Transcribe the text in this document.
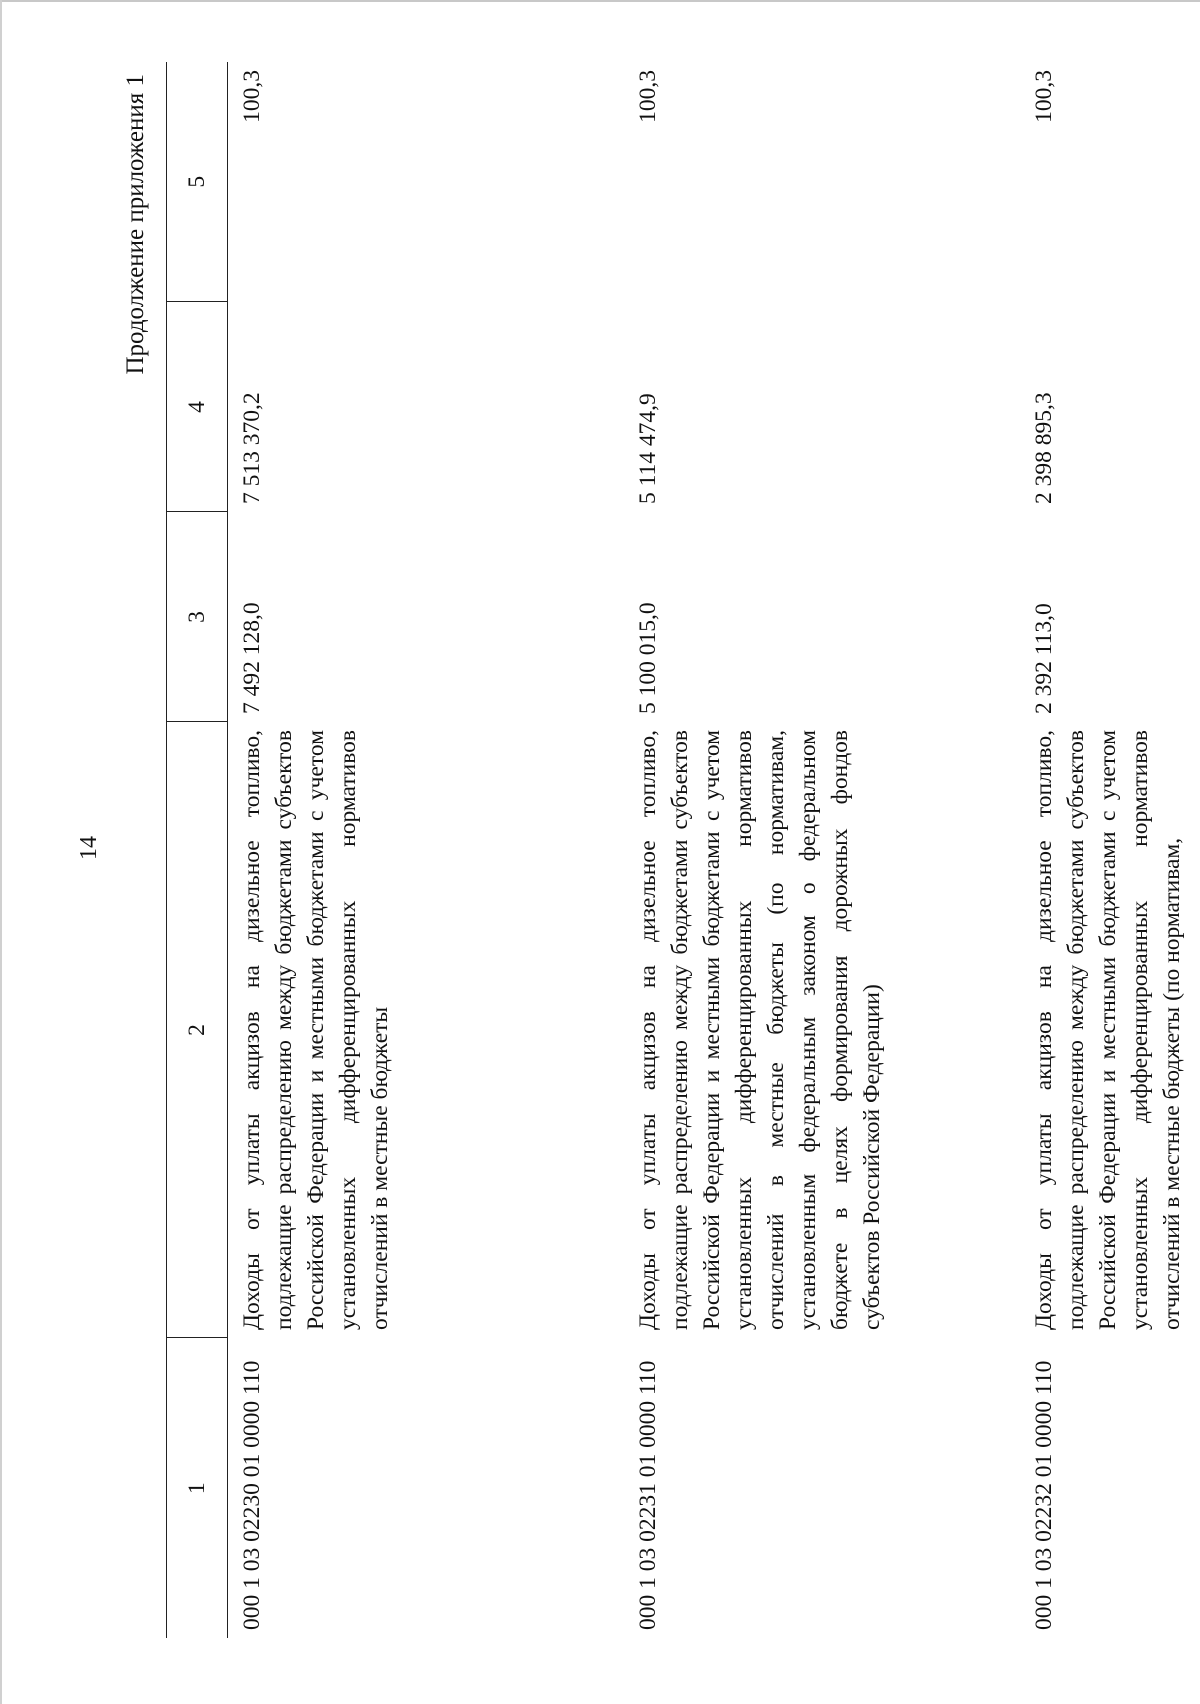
14
Продолжение приложения 1
1	2	3	4	5
000 1 03 02230 01 0000 110	Доходы от уплаты акцизов на дизельное топливо, подлежащие распределению между бюджетами субъектов Российской Федерации и местными бюджетами с учетом установленных дифференцированных нормативов отчислений в местные бюджеты	7 492 128,0	7 513 370,2	100,3
000 1 03 02231 01 0000 110	Доходы от уплаты акцизов на дизельное топливо, подлежащие распределению между бюджетами субъектов Российской Федерации и местными бюджетами с учетом установленных дифференцированных нормативов отчислений в местные бюджеты (по нормативам, установленным федеральным законом о федеральном бюджете в целях формирования дорожных фондов субъектов Российской Федерации)	5 100 015,0	5 114 474,9	100,3
000 1 03 02232 01 0000 110	Доходы от уплаты акцизов на дизельное топливо, подлежащие распределению между бюджетами субъектов Российской Федерации и местными бюджетами с учетом установленных дифференцированных нормативов отчислений в местные бюджеты (по нормативам,	2 392 113,0	2 398 895,3	100,3
